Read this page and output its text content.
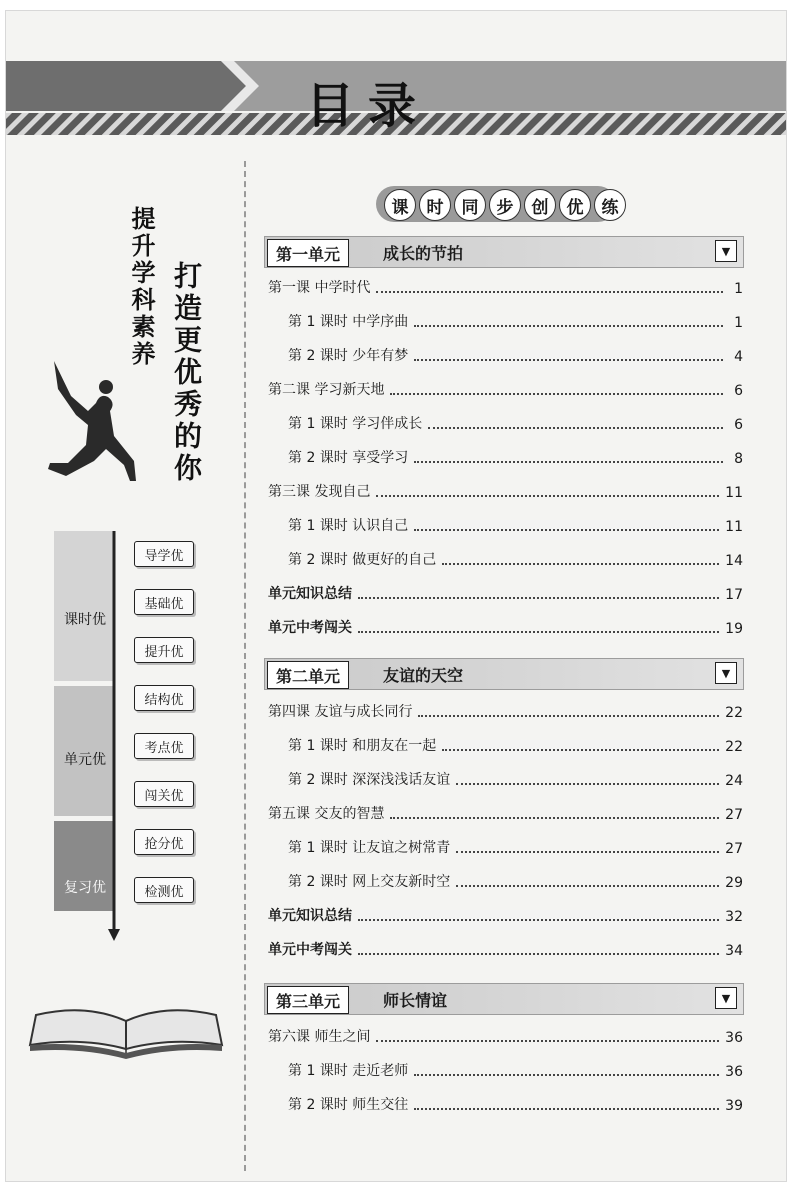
目录
提升学科素养 打造更优秀的你
课时优
单元优
复习优
导学优
基础优
提升优
结构优
考点优
闯关优
抢分优
检测优
课	时	同	步	创	优	练
第一单元	成长的节拍	▼
第一课 中学时代	1
第 1 课时 中学序曲	1
第 2 课时 少年有梦	4
第二课 学习新天地	6
第 1 课时 学习伴成长	6
第 2 课时 享受学习	8
第三课 发现自己	11
第 1 课时 认识自己	11
第 2 课时 做更好的自己	14
单元知识总结	17
单元中考闯关	19
第二单元	友谊的天空	▼
第四课 友谊与成长同行	22
第 1 课时 和朋友在一起	22
第 2 课时 深深浅浅话友谊	24
第五课 交友的智慧	27
第 1 课时 让友谊之树常青	27
第 2 课时 网上交友新时空	29
单元知识总结	32
单元中考闯关	34
第三单元	师长情谊	▼
第六课 师生之间	36
第 1 课时 走近老师	36
第 2 课时 师生交往	39
